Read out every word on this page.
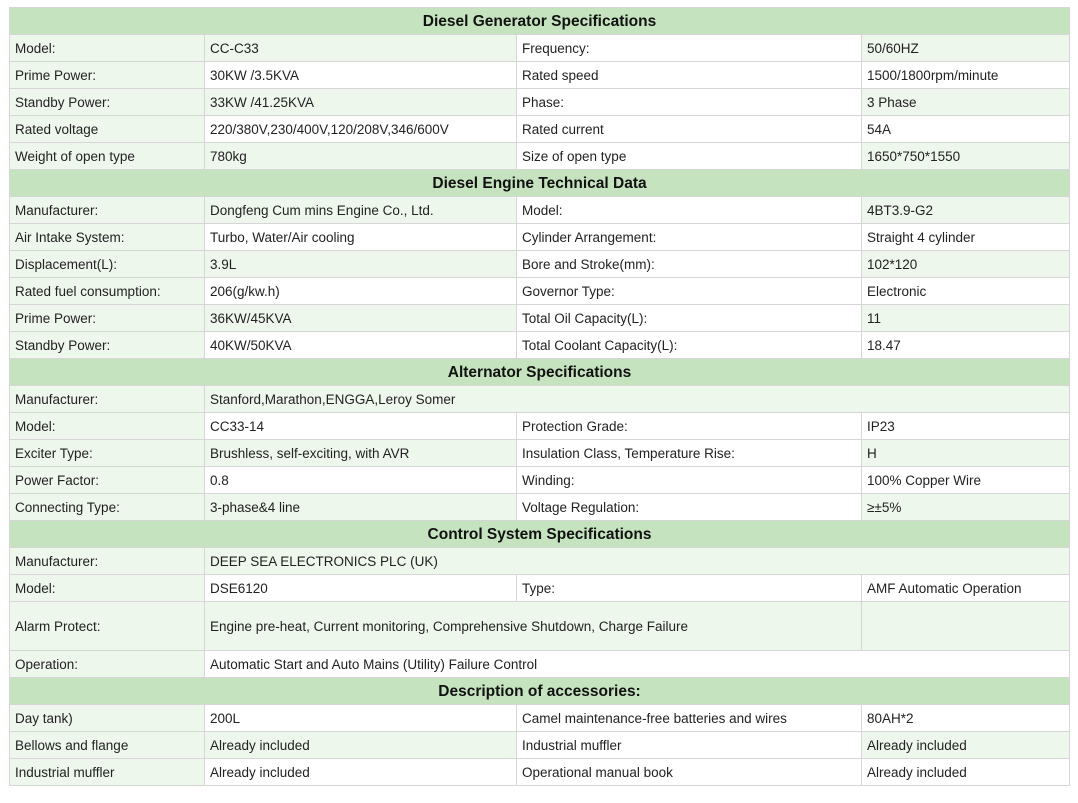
Diesel Generator Specifications			
Model:	CC-C33	Frequency:	50/60HZ
Prime Power:	30KW /3.5KVA	Rated speed	1500/1800rpm/minute
Standby Power:	33KW /41.25KVA	Phase:	3 Phase
Rated voltage	220/380V,230/400V,120/208V,346/600V	Rated current	54A
Weight of open type	780kg	Size of open type	1650*750*1550
Diesel Engine Technical Data			
Manufacturer:	Dongfeng Cum mins Engine Co., Ltd.	Model:	4BT3.9-G2
Air Intake System:	Turbo, Water/Air cooling	Cylinder Arrangement:	Straight 4 cylinder
Displacement(L):	3.9L	Bore and Stroke(mm):	102*120
Rated fuel consumption:	206(g/kw.h)	Governor Type:	Electronic
Prime Power:	36KW/45KVA	Total Oil Capacity(L):	11
Standby Power:	40KW/50KVA	Total Coolant Capacity(L):	18.47
Alternator Specifications			
Manufacturer:	Stanford,Marathon,ENGGA,Leroy Somer		
Model:	CC33-14	Protection Grade:	IP23
Exciter Type:	Brushless, self-exciting, with AVR	Insulation Class, Temperature Rise:	H
Power Factor:	0.8	Winding:	100% Copper Wire
Connecting Type:	3-phase&4 line	Voltage Regulation:	≥±5%
Control System Specifications			
Manufacturer:	DEEP SEA ELECTRONICS PLC (UK)		
Model:	DSE6120	Type:	AMF Automatic Operation
Alarm Protect:	Engine pre-heat, Current monitoring, Comprehensive Shutdown, Charge Failure		
Operation:	Automatic Start and Auto Mains (Utility) Failure Control		
Description of accessories:			
Day tank)	200L	Camel maintenance-free batteries and wires	80AH*2
Bellows and flange	Already included	Industrial muffler	Already included
Industrial muffler	Already included	Operational manual book	Already included
